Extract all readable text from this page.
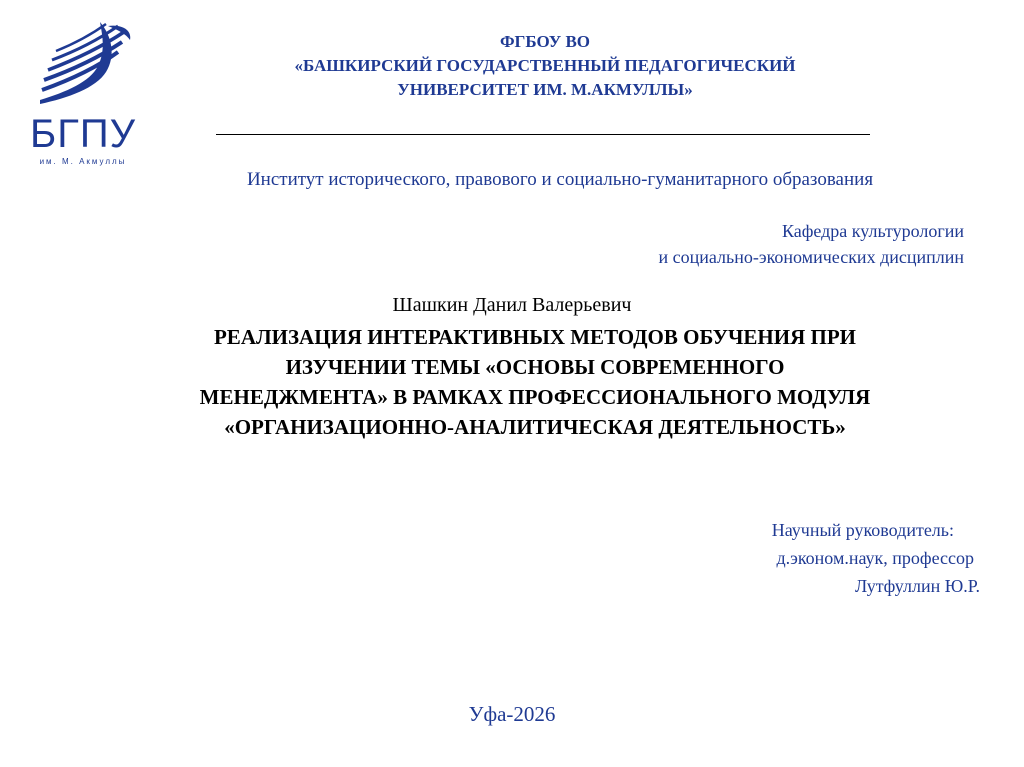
БГПУ
им. М. Акмуллы
ФГБОУ ВО
«БАШКИРСКИЙ ГОСУДАРСТВЕННЫЙ ПЕДАГОГИЧЕСКИЙ
УНИВЕРСИТЕТ ИМ. М.АКМУЛЛЫ»
Институт исторического, правового и социально-гуманитарного образования
Кафедра культурологии
и социально-экономических дисциплин
Шашкин Данил Валерьевич
РЕАЛИЗАЦИЯ ИНТЕРАКТИВНЫХ МЕТОДОВ ОБУЧЕНИЯ ПРИ
ИЗУЧЕНИИ ТЕМЫ «ОСНОВЫ СОВРЕМЕННОГО
МЕНЕДЖМЕНТА» В РАМКАХ ПРОФЕССИОНАЛЬНОГО МОДУЛЯ
«ОРГАНИЗАЦИОННО-АНАЛИТИЧЕСКАЯ ДЕЯТЕЛЬНОСТЬ»
Научный руководитель:
д.эконом.наук, профессор
Лутфуллин Ю.Р.
Уфа-2026
